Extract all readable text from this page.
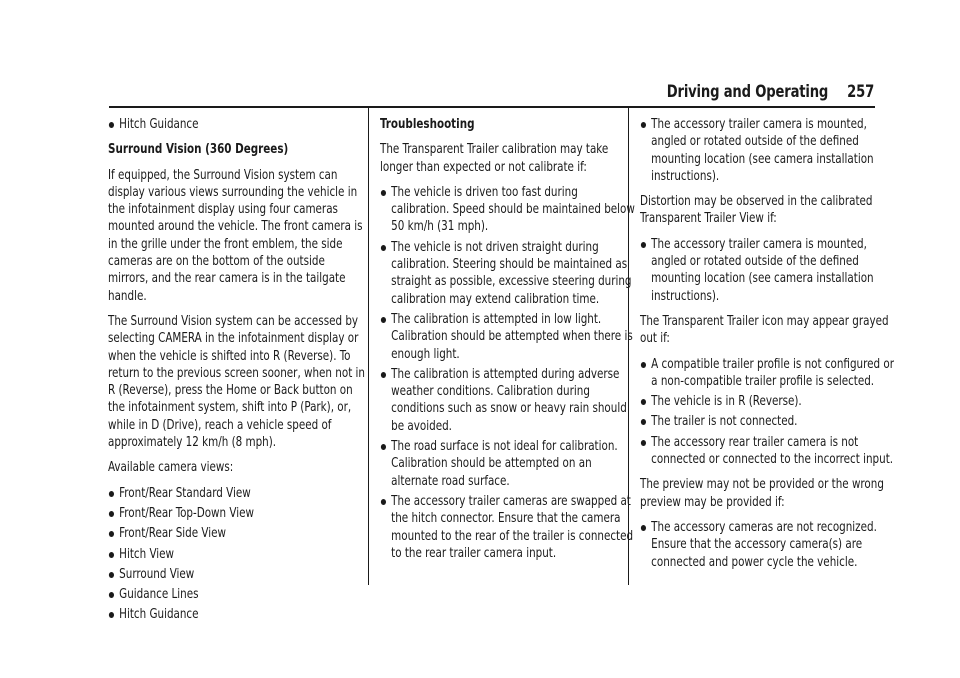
Driving and Operating 257
Hitch Guidance
Surround Vision (360 Degrees)

If equipped, the Surround Vision system can display various views surrounding the vehicle in the infotainment display using four cameras mounted around the vehicle. The front camera is in the grille under the front emblem, the side cameras are on the bottom of the outside mirrors, and the rear camera is in the tailgate handle.

The Surround Vision system can be accessed by selecting CAMERA in the infotainment display or when the vehicle is shifted into R (Reverse). To return to the previous screen sooner, when not in R (Reverse), press the Home or Back button on the infotainment system, shift into P (Park), or, while in D (Drive), reach a vehicle speed of approximately 12 km/h (8 mph).

Available camera views:

Front/Rear Standard View
Front/Rear Top-Down View
Front/Rear Side View
Hitch View
Surround View
Guidance Lines
Hitch Guidance
Troubleshooting

The Transparent Trailer calibration may take longer than expected or not calibrate if:

The vehicle is driven too fast during calibration. Speed should be maintained below 50 km/h (31 mph).
The vehicle is not driven straight during calibration. Steering should be maintained as straight as possible, excessive steering during calibration may extend calibration time.
The calibration is attempted in low light. Calibration should be attempted when there is enough light.
The calibration is attempted during adverse weather conditions. Calibration during conditions such as snow or heavy rain should be avoided.
The road surface is not ideal for calibration. Calibration should be attempted on an alternate road surface.
The accessory trailer cameras are swapped at the hitch connector. Ensure that the camera mounted to the rear of the trailer is connected to the rear trailer camera input.
The accessory trailer camera is mounted, angled or rotated outside of the defined mounting location (see camera installation instructions).

Distortion may be observed in the calibrated Transparent Trailer View if:

The accessory trailer camera is mounted, angled or rotated outside of the defined mounting location (see camera installation instructions).

The Transparent Trailer icon may appear grayed out if:

A compatible trailer profile is not configured or a non-compatible trailer profile is selected.
The vehicle is in R (Reverse).
The trailer is not connected.
The accessory rear trailer camera is not connected or connected to the incorrect input.

The preview may not be provided or the wrong preview may be provided if:

The accessory cameras are not recognized. Ensure that the accessory camera(s) are connected and power cycle the vehicle.
